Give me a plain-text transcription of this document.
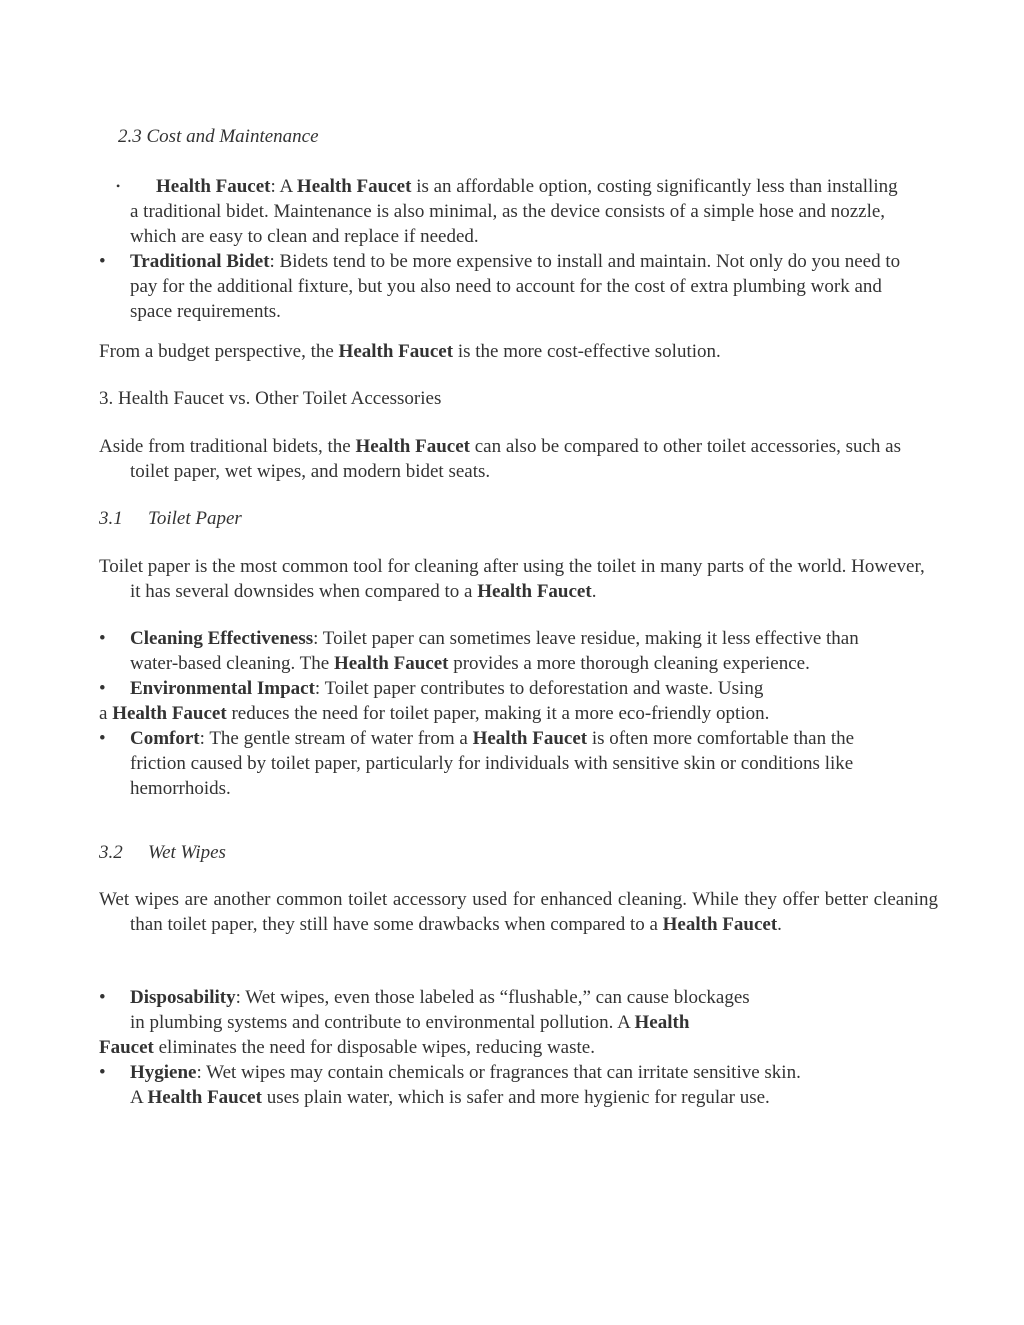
2.3 Cost and Maintenance

• Health Faucet: A Health Faucet is an affordable option, costing significantly less than installing a traditional bidet. Maintenance is also minimal, as the device consists of a simple hose and nozzle, which are easy to clean and replace if needed.

• Traditional Bidet: Bidets tend to be more expensive to install and maintain. Not only do you need to pay for the additional fixture, but you also need to account for the cost of extra plumbing work and space requirements.

From a budget perspective, the Health Faucet is the more cost-effective solution.

3. Health Faucet vs. Other Toilet Accessories

Aside from traditional bidets, the Health Faucet can also be compared to other toilet accessories, such as toilet paper, wet wipes, and modern bidet seats.

3.1 Toilet Paper

Toilet paper is the most common tool for cleaning after using the toilet in many parts of the world. However, it has several downsides when compared to a Health Faucet.

• Cleaning Effectiveness: Toilet paper can sometimes leave residue, making it less effective than water-based cleaning. The Health Faucet provides a more thorough cleaning experience.

• Environmental Impact: Toilet paper contributes to deforestation and waste. Using

a Health Faucet reduces the need for toilet paper, making it a more eco-friendly option.

• Comfort: The gentle stream of water from a Health Faucet is often more comfortable than the friction caused by toilet paper, particularly for individuals with sensitive skin or conditions like hemorrhoids.

3.2 Wet Wipes

Wet wipes are another common toilet accessory used for enhanced cleaning. While they offer better cleaning than toilet paper, they still have some drawbacks when compared to a Health Faucet.

• Disposability: Wet wipes, even those labeled as “flushable,” can cause blockages in plumbing systems and contribute to environmental pollution. A Health

Faucet eliminates the need for disposable wipes, reducing waste.

• Hygiene: Wet wipes may contain chemicals or fragrances that can irritate sensitive skin.

A Health Faucet uses plain water, which is safer and more hygienic for regular use.
